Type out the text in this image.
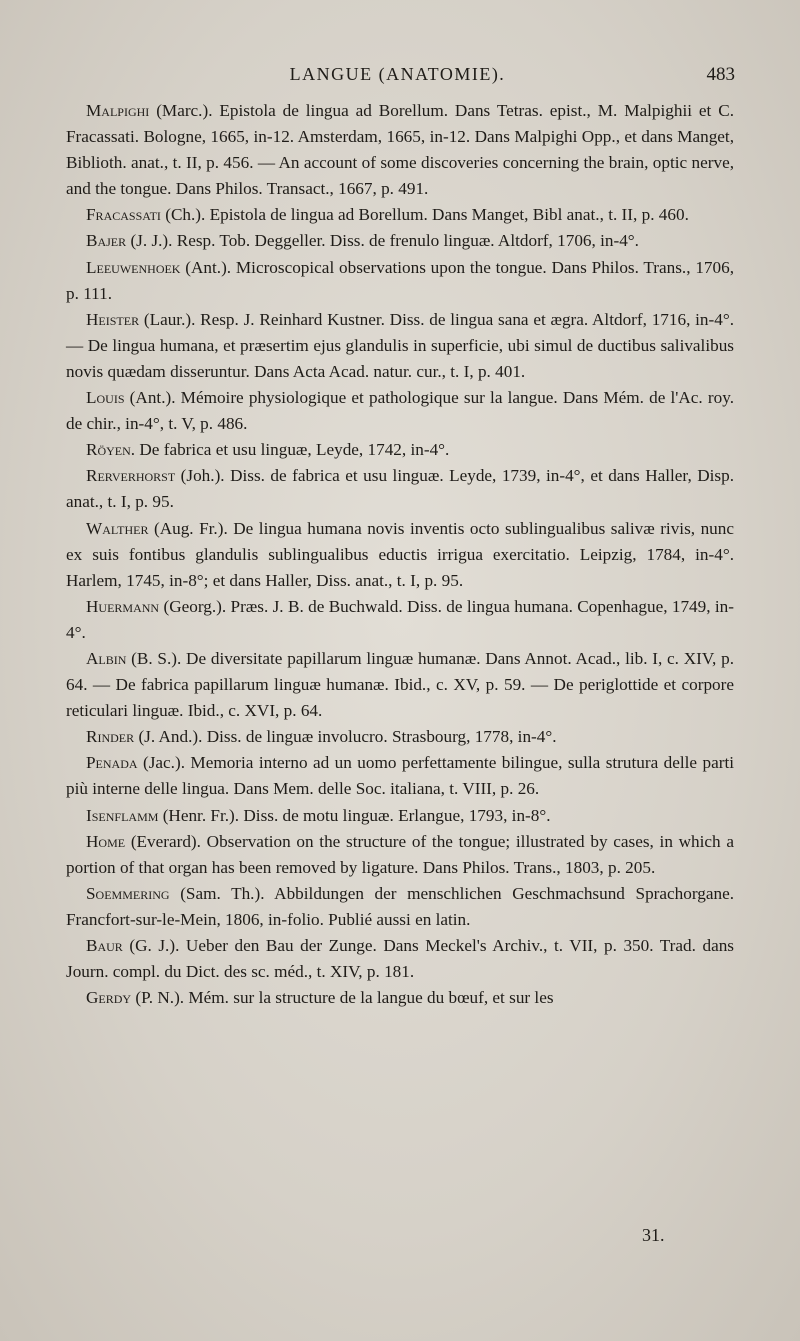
LANGUE (ANATOMIE).	483

Malpighi (Marc.). Epistola de lingua ad Borellum. Dans Tetras. epist., M. Malpighii et C. Fracassati. Bologne, 1665, in-12. Amsterdam, 1665, in-12. Dans Malpighi Opp., et dans Manget, Biblioth. anat., t. II, p. 456. — An account of some discoveries concerning the brain, optic nerve, and the tongue. Dans Philos. Transact., 1667, p. 491.

Fracassati (Ch.). Epistola de lingua ad Borellum. Dans Manget, Bibl anat., t. II, p. 460.

Bajer (J. J.). Resp. Tob. Deggeller. Diss. de frenulo linguæ. Altdorf, 1706, in-4°.

Leeuwenhoek (Ant.). Microscopical observations upon the tongue. Dans Philos. Trans., 1706, p. 111.

Heister (Laur.). Resp. J. Reinhard Kustner. Diss. de lingua sana et ægra. Altdorf, 1716, in-4°. — De lingua humana, et præsertim ejus glandulis in superficie, ubi simul de ductibus salivalibus novis quædam disseruntur. Dans Acta Acad. natur. cur., t. I, p. 401.

Louis (Ant.). Mémoire physiologique et pathologique sur la langue. Dans Mém. de l'Ac. roy. de chir., in-4°, t. V, p. 486.

Röyen. De fabrica et usu linguæ, Leyde, 1742, in-4°.

Rerverhorst (Joh.). Diss. de fabrica et usu linguæ. Leyde, 1739, in-4°, et dans Haller, Disp. anat., t. I, p. 95.

Walther (Aug. Fr.). De lingua humana novis inventis octo sublingualibus salivæ rivis, nunc ex suis fontibus glandulis sublingualibus eductis irrigua exercitatio. Leipzig, 1784, in-4°. Harlem, 1745, in-8°; et dans Haller, Diss. anat., t. I, p. 95.

Huermann (Georg.). Præs. J. B. de Buchwald. Diss. de lingua humana. Copenhague, 1749, in-4°.

Albin (B. S.). De diversitate papillarum linguæ humanæ. Dans Annot. Acad., lib. I, c. XIV, p. 64. — De fabrica papillarum linguæ humanæ. Ibid., c. XV, p. 59. — De periglottide et corpore reticulari linguæ. Ibid., c. XVI, p. 64.

Rinder (J. And.). Diss. de linguæ involucro. Strasbourg, 1778, in-4°.

Penada (Jac.). Memoria interno ad un uomo perfettamente bilingue, sulla strutura delle parti più interne delle lingua. Dans Mem. delle Soc. italiana, t. VIII, p. 26.

Isenflamm (Henr. Fr.). Diss. de motu linguæ. Erlangue, 1793, in-8°.

Home (Everard). Observation on the structure of the tongue; illustrated by cases, in which a portion of that organ has been removed by ligature. Dans Philos. Trans., 1803, p. 205.

Soemmering (Sam. Th.). Abbildungen der menschlichen Geschmachsund Sprachorgane. Francfort-sur-le-Mein, 1806, in-folio. Publié aussi en latin.

Baur (G. J.). Ueber den Bau der Zunge. Dans Meckel's Archiv., t. VII, p. 350. Trad. dans Journ. compl. du Dict. des sc. méd., t. XIV, p. 181.

Gerdy (P. N.). Mém. sur la structure de la langue du bœuf, et sur les

31.
